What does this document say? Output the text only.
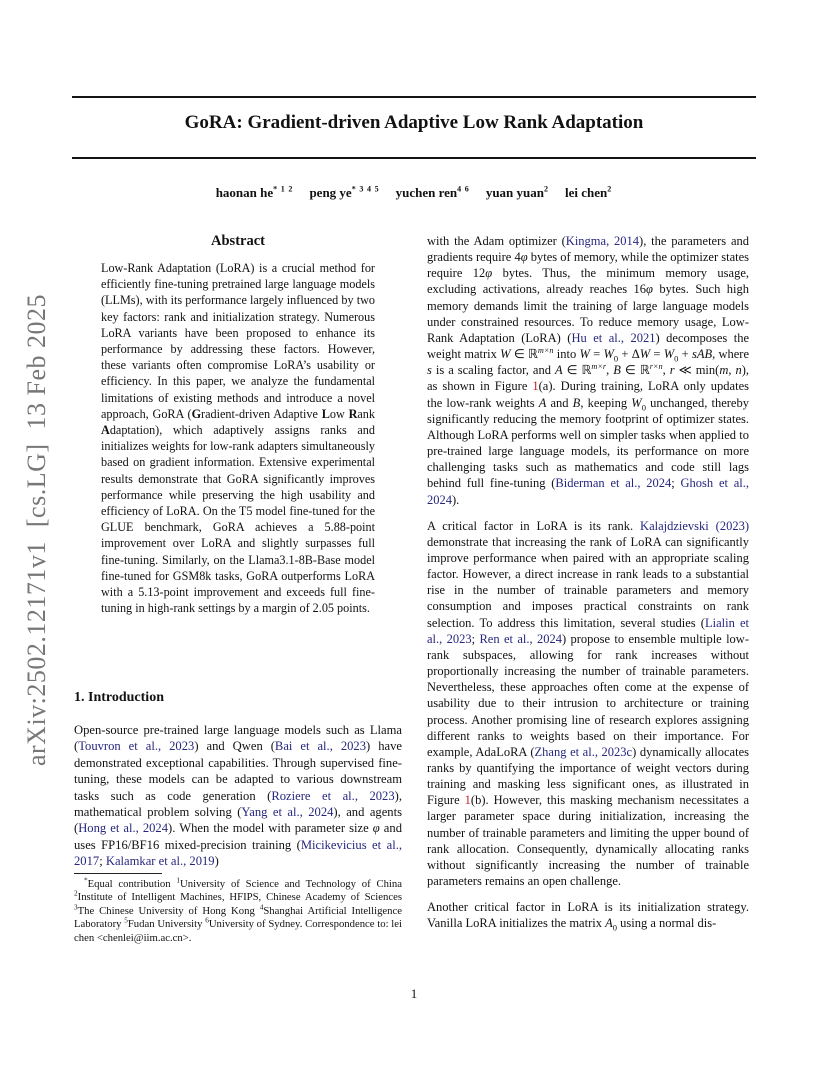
arXiv:2502.12171v1  [cs.LG]  13 Feb 2025
GoRA: Gradient-driven Adaptive Low Rank Adaptation
haonan $he^{* 1 2}$ peng $ye^{* 3 4 5}$ yuchen ren$^{4 6}$ yuan yuan$^2$ lei chen$^2$
Abstract
Low-Rank Adaptation (LoRA) is a crucial method for efficiently fine-tuning pretrained large language models (LLMs), with its performance largely influenced by two key factors: rank and initialization strategy. Numerous LoRA variants have been proposed to enhance its performance by addressing these factors. However, these variants often compromise LoRA’s usability or efficiency. In this paper, we analyze the fundamental limitations of existing methods and introduce a novel approach, GoRA (Gradient-driven Adaptive Low Rank Adaptation), which adaptively assigns ranks and initializes weights for low-rank adapters simultaneously based on gradient information. Extensive experimental results demonstrate that GoRA significantly improves performance while preserving the high usability and efficiency of LoRA. On the T5 model fine-tuned for the GLUE benchmark, GoRA achieves a 5.88-point improvement over LoRA and slightly surpasses full fine-tuning. Similarly, on the Llama3.1-8B-Base model fine-tuned for GSM8k tasks, GoRA outperforms LoRA with a 5.13-point improvement and exceeds full fine-tuning in high-rank settings by a margin of 2.05 points.
1. Introduction
Open-source pre-trained large language models such as Llama (Touvron et al., 2023) and Qwen (Bai et al., 2023) have demonstrated exceptional capabilities. Through supervised fine-tuning, these models can be adapted to various downstream tasks such as code generation (Roziere et al., 2023), mathematical problem solving (Yang et al., 2024), and agents (Hong et al., 2024). When the model with parameter size φ and uses FP16/BF16 mixed-precision training (Micikevicius et al., 2017; Kalamkar et al., 2019)
*Equal contribution $^1$University of Science and Technology of China $^2$Institute of Intelligent Machines, HFIPS, Chinese Academy of Sciences $^3$The Chinese University of Hong Kong $^4$Shanghai Artificial Intelligence Laboratory $^5$Fudan University $^6$University of Sydney. Correspondence to: lei chen <chenlei@iim.ac.cn>.

with the Adam optimizer (Kingma, 2014), the parameters and gradients require 4φ bytes of memory, while the optimizer states require 12φ bytes. Thus, the minimum memory usage, excluding activations, already reaches 16φ bytes. Such high memory demands limit the training of large language models under constrained resources. To reduce memory usage, Low-Rank Adaptation (LoRA) (Hu et al., 2021) decomposes the weight matrix W ∈ ℝ$^{m\times n}$ into $W = W_0 + \Delta W = W_0$ + sAB, where s is a scaling factor, and A ∈ ℝ$^{m\times r}$, B ∈ ℝ$^{r\times n}$, r ≪ min(m, n), as shown in Figure 1(a). During training, LoRA only updates the low-rank weights A and B, keeping $W_0$ unchanged, thereby significantly reducing the memory footprint of optimizer states. Although LoRA performs well on simpler tasks when applied to pre-trained large language models, its performance on more challenging tasks such as mathematics and code still lags behind full fine-tuning (Biderman et al., 2024; Ghosh et al., 2024).

A critical factor in LoRA is its rank. Kalajdzievski (2023) demonstrate that increasing the rank of LoRA can significantly improve performance when paired with an appropriate scaling factor. However, a direct increase in rank leads to a substantial rise in the number of trainable parameters and memory consumption and imposes practical constraints on rank selection. To address this limitation, several studies (Lialin et al., 2023; Ren et al., 2024) propose to ensemble multiple low-rank subspaces, allowing for rank increases without proportionally increasing the number of trainable parameters. Nevertheless, these approaches often come at the expense of usability due to their intrusion to architecture or training process. Another promising line of research explores assigning different ranks to weights based on their importance. For example, AdaLoRA (Zhang et al., 2023c) dynamically allocates ranks by quantifying the importance of weight vectors during training and masking less significant ones, as illustrated in Figure 1(b). However, this masking mechanism necessitates a larger parameter space during initialization, increasing the number of trainable parameters and limiting the upper bound of rank allocation. Consequently, dynamically allocating ranks without significantly increasing the number of trainable parameters remains an open challenge.

Another critical factor in LoRA is its initialization strategy. Vanilla LoRA initializes the matrix $A_0$ using a normal dis-

1
